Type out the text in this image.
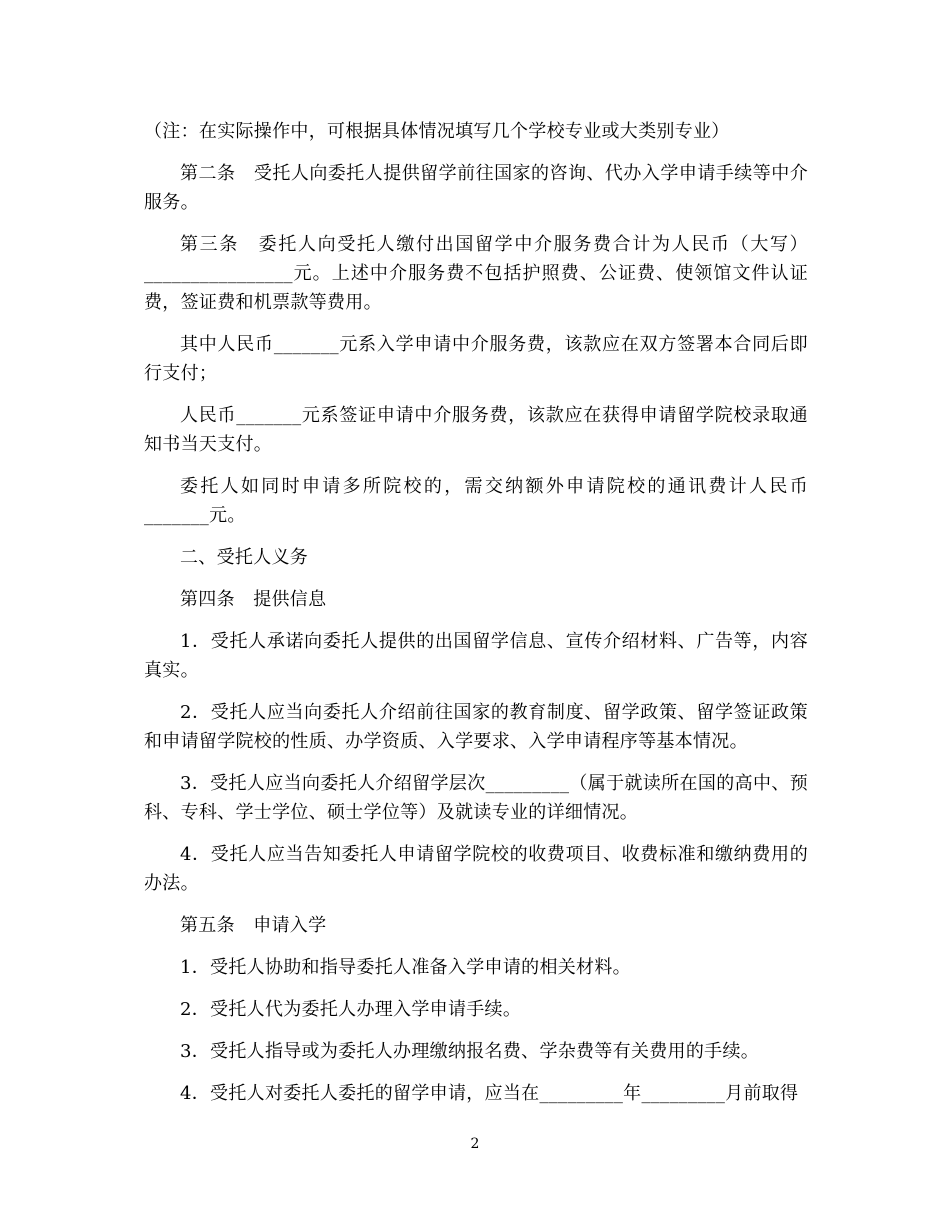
（注：在实际操作中，可根据具体情况填写几个学校专业或大类别专业）

第二条　受托人向委托人提供留学前往国家的咨询、代办入学申请手续等中介服务。

第三条　委托人向受托人缴付出国留学中介服务费合计为人民币（大写）________________元。上述中介服务费不包括护照费、公证费、使领馆文件认证费，签证费和机票款等费用。

其中人民币_______元系入学申请中介服务费，该款应在双方签署本合同后即行支付；

人民币_______元系签证申请中介服务费，该款应在获得申请留学院校录取通知书当天支付。

委托人如同时申请多所院校的，需交纳额外申请院校的通讯费计人民币_______元。

二、受托人义务

第四条　提供信息

1．受托人承诺向委托人提供的出国留学信息、宣传介绍材料、广告等，内容真实。

2．受托人应当向委托人介绍前往国家的教育制度、留学政策、留学签证政策和申请留学院校的性质、办学资质、入学要求、入学申请程序等基本情况。

3．受托人应当向委托人介绍留学层次_________（属于就读所在国的高中、预科、专科、学士学位、硕士学位等）及就读专业的详细情况。

4．受托人应当告知委托人申请留学院校的收费项目、收费标准和缴纳费用的办法。

第五条　申请入学

1．受托人协助和指导委托人准备入学申请的相关材料。

2．受托人代为委托人办理入学申请手续。

3．受托人指导或为委托人办理缴纳报名费、学杂费等有关费用的手续。

4．受托人对委托人委托的留学申请，应当在_________年_________月前取得

2
